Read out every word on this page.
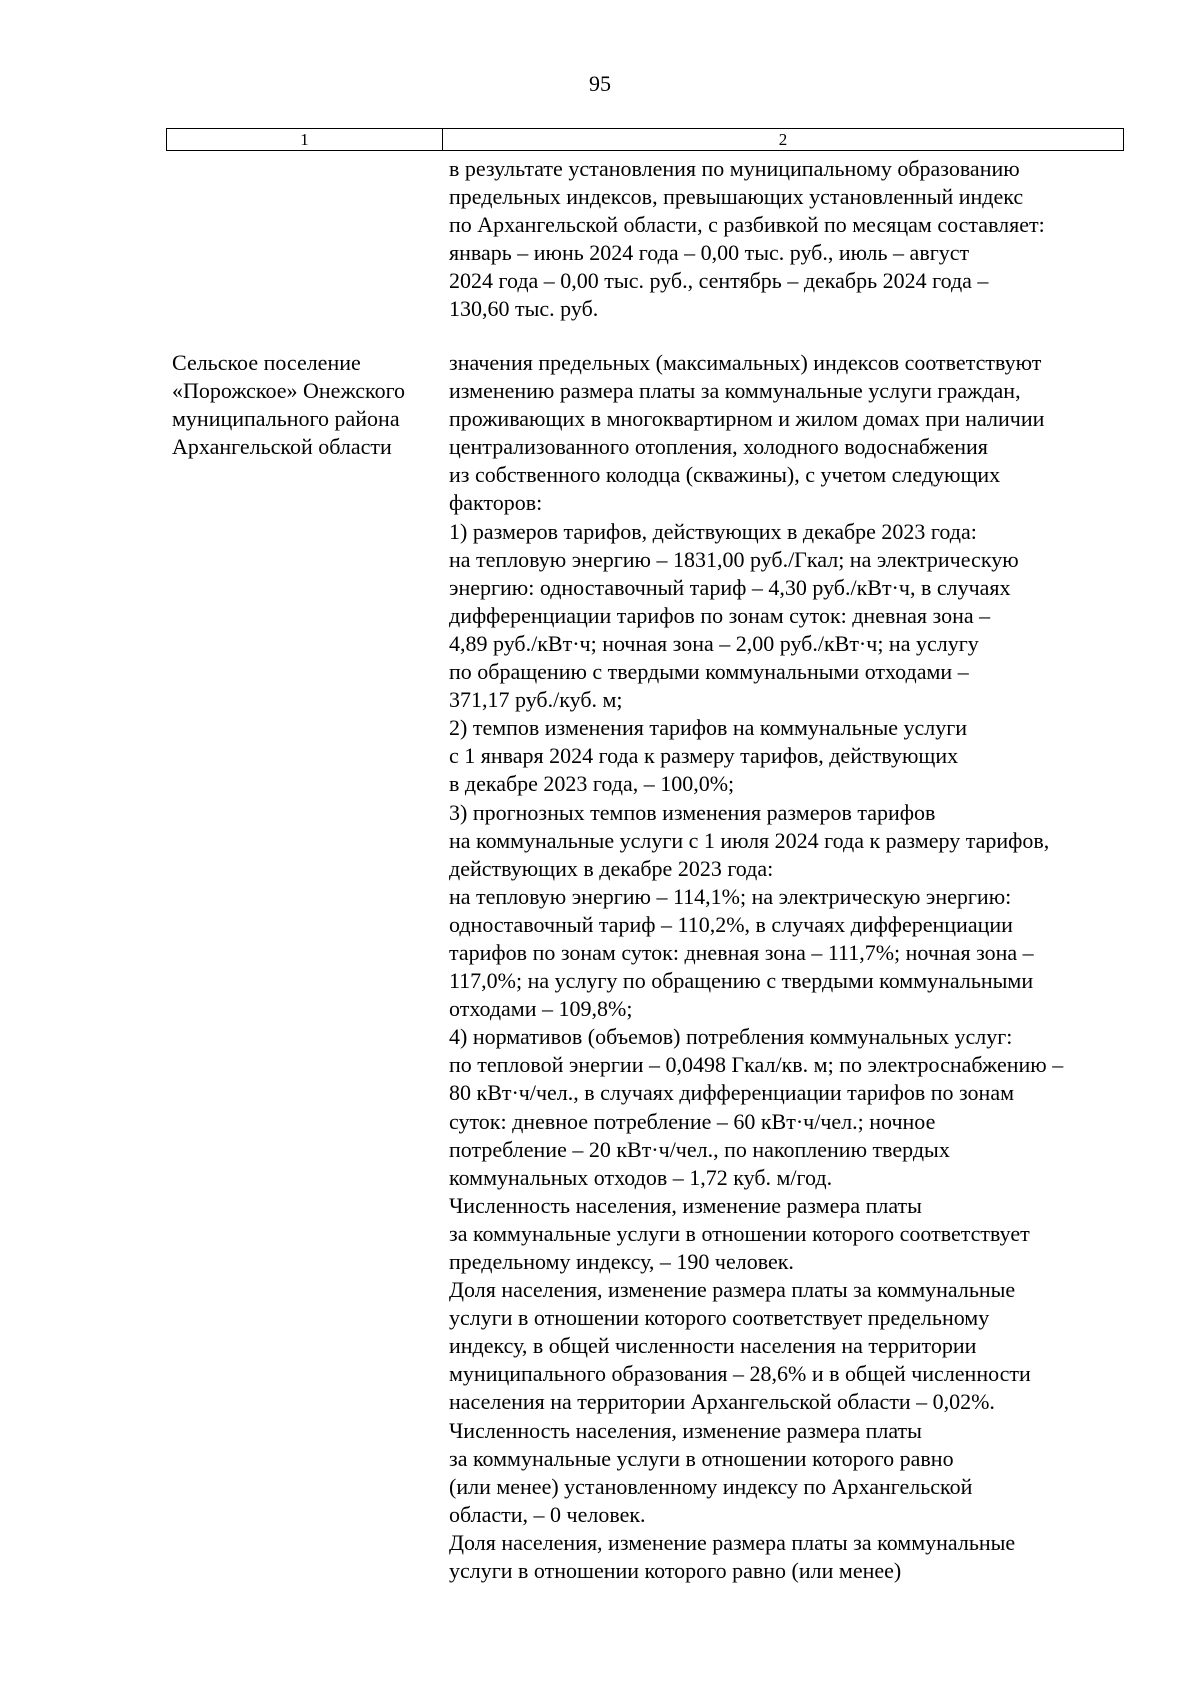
95
1	2
в результате установления по муниципальному образованию
предельных индексов, превышающих установленный индекс
по Архангельской области, с разбивкой по месяцам составляет:
январь – июнь 2024 года – 0,00 тыс. руб., июль – август
2024 года – 0,00 тыс. руб., сентябрь – декабрь 2024 года –
130,60 тыс. руб.
Сельское поселение
«Порожское» Онежского
муниципального района
Архангельской области
значения предельных (максимальных) индексов соответствуют
изменению размера платы за коммунальные услуги граждан,
проживающих в многоквартирном и жилом домах при наличии
централизованного отопления, холодного водоснабжения
из собственного колодца (скважины), с учетом следующих
факторов:
1) размеров тарифов, действующих в декабре 2023 года:
на тепловую энергию – 1831,00 руб./Гкал; на электрическую
энергию: одноставочный тариф – 4,30 руб./кВт·ч, в случаях
дифференциации тарифов по зонам суток: дневная зона –
4,89 руб./кВт·ч; ночная зона – 2,00 руб./кВт·ч; на услугу
по обращению с твердыми коммунальными отходами –
371,17 руб./куб. м;
2) темпов изменения тарифов на коммунальные услуги
с 1 января 2024 года к размеру тарифов, действующих
в декабре 2023 года, – 100,0%;
3) прогнозных темпов изменения размеров тарифов
на коммунальные услуги с 1 июля 2024 года к размеру тарифов,
действующих в декабре 2023 года:
на тепловую энергию – 114,1%; на электрическую энергию:
одноставочный тариф – 110,2%, в случаях дифференциации
тарифов по зонам суток: дневная зона – 111,7%; ночная зона –
117,0%; на услугу по обращению с твердыми коммунальными
отходами – 109,8%;
4) нормативов (объемов) потребления коммунальных услуг:
по тепловой энергии – 0,0498 Гкал/кв. м; по электроснабжению –
80 кВт·ч/чел., в случаях дифференциации тарифов по зонам
суток: дневное потребление – 60 кВт·ч/чел.; ночное
потребление – 20 кВт·ч/чел., по накоплению твердых
коммунальных отходов – 1,72 куб. м/год.
Численность населения, изменение размера платы
за коммунальные услуги в отношении которого соответствует
предельному индексу, – 190 человек.
Доля населения, изменение размера платы за коммунальные
услуги в отношении которого соответствует предельному
индексу, в общей численности населения на территории
муниципального образования – 28,6% и в общей численности
населения на территории Архангельской области – 0,02%.
Численность населения, изменение размера платы
за коммунальные услуги в отношении которого равно
(или менее) установленному индексу по Архангельской
области, – 0 человек.
Доля населения, изменение размера платы за коммунальные
услуги в отношении которого равно (или менее)
